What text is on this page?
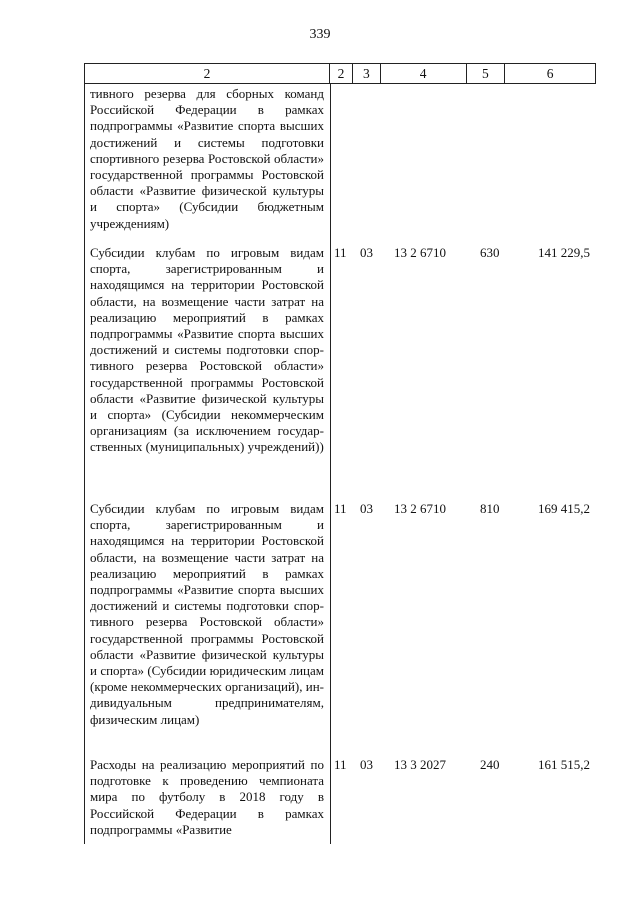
339
2	2	3	4	5	6
тивного резерва для сборных команд Российской Федерации в рамках подпрограммы «Развитие спорта высших достижений и системы подготовки спортивного резерва Ростовской области» государственной программы Ростовской области «Развитие физической культуры и спорта» (Субсидии бюджетным учреждениям)
Субсидии клубам по игровым видам спорта, зарегистрированным и находящимся на территории Ростовской области, на возмещение части затрат на реализацию мероприятий в рамках подпрограммы «Развитие спорта высших достижений и системы подготовки спортивного резерва Ростовской области» государственной программы Ростовской области «Развитие физической культуры и спорта» (Субсидии некоммерческим организациям (за исключением государственных (муниципальных) учреждений))
11 03 13 2 6710	630	141 229,5
Субсидии клубам по игровым видам спорта, зарегистрированным и находящимся на территории Ростовской области, на возмещение части затрат на реализацию мероприятий в рамках подпрограммы «Развитие спорта высших достижений и системы подготовки спортивного резерва Ростовской области» государственной программы Ростовской области «Развитие физической культуры и спорта» (Субсидии юридическим лицам (кроме некоммерческих организаций), индивидуальным предпринимателям, физическим лицам)
11 03 13 2 6710	810	169 415,2
Расходы на реализацию мероприятий по подготовке к проведению чемпионата мира по футболу в 2018 году в Российской Федерации в рамках подпрограммы «Развитие
11 03 13 3 2027	240	161 515,2
